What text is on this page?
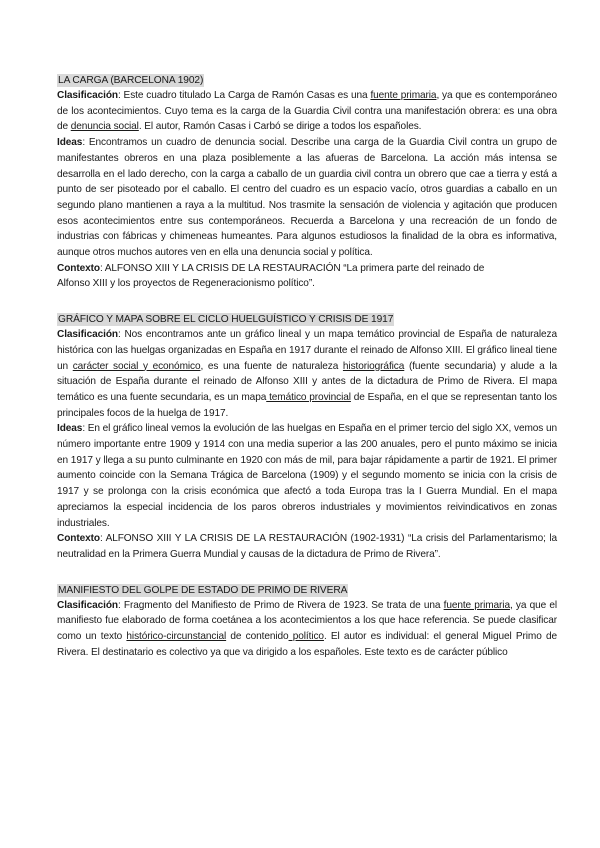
LA CARGA (BARCELONA 1902)

Clasificación: Este cuadro titulado La Carga de Ramón Casas es una fuente primaria, ya que es contemporáneo de los acontecimientos. Cuyo tema es la carga de la Guardia Civil contra una manifestación obrera: es una obra de denuncia social. El autor, Ramón Casas i Carbó se dirige a todos los españoles.

Ideas: Encontramos un cuadro de denuncia social. Describe una carga de la Guardia Civil contra un grupo de manifestantes obreros en una plaza posiblemente a las afueras de Barcelona. La acción más intensa se desarrolla en el lado derecho, con la carga a caballo de un guardia civil contra un obrero que cae a tierra y está a punto de ser pisoteado por el caballo. El centro del cuadro es un espacio vacío, otros guardias a caballo en un segundo plano mantienen a raya a la multitud. Nos trasmite la sensación de violencia y agitación que producen esos acontecimientos entre sus contemporáneos. Recuerda a Barcelona y una recreación de un fondo de industrias con fábricas y chimeneas humeantes. Para algunos estudiosos la finalidad de la obra es informativa, aunque otros muchos autores ven en ella una denuncia social y política.

Contexto: ALFONSO XIII Y LA CRISIS DE LA RESTAURACIÓN “La primera parte del reinado de
Alfonso XIII y los proyectos de Regeneracionismo político”.

GRÁFICO Y MAPA SOBRE EL CICLO HUELGUÍSTICO Y CRISIS DE 1917

Clasificación: Nos encontramos ante un gráfico lineal y un mapa temático provincial de España de naturaleza histórica con las huelgas organizadas en España en 1917 durante el reinado de Alfonso XIII. El gráfico lineal tiene un carácter social y económico, es una fuente de naturaleza historiográfica (fuente secundaria) y alude a la situación de España durante el reinado de Alfonso XIII y antes de la dictadura de Primo de Rivera. El mapa temático es una fuente secundaria, es un mapa temático provincial de España, en el que se representan tanto los principales focos de la huelga de 1917.

Ideas: En el gráfico lineal vemos la evolución de las huelgas en España en el primer tercio del siglo XX, vemos un número importante entre 1909 y 1914 con una media superior a las 200 anuales, pero el punto máximo se inicia en 1917 y llega a su punto culminante en 1920 con más de mil, para bajar rápidamente a partir de 1921. El primer aumento coincide con la Semana Trágica de Barcelona (1909) y el segundo momento se inicia con la crisis de 1917 y se prolonga con la crisis económica que afectó a toda Europa tras la I Guerra Mundial. En el mapa apreciamos la especial incidencia de los paros obreros industriales y movimientos reivindicativos en zonas industriales.

Contexto: ALFONSO XIII Y LA CRISIS DE LA RESTAURACIÓN (1902-1931) “La crisis del Parlamentarismo; la neutralidad en la Primera Guerra Mundial y causas de la dictadura de Primo de Rivera”.

MANIFIESTO DEL GOLPE DE ESTADO DE PRIMO DE RIVERA

Clasificación: Fragmento del Manifiesto de Primo de Rivera de 1923. Se trata de una fuente primaria, ya que el manifiesto fue elaborado de forma coetánea a los acontecimientos a los que hace referencia. Se puede clasificar como un texto histórico-circunstancial de contenido político. El autor es individual: el general Miguel Primo de Rivera. El destinatario es colectivo ya que va dirigido a los españoles. Este texto es de carácter público
